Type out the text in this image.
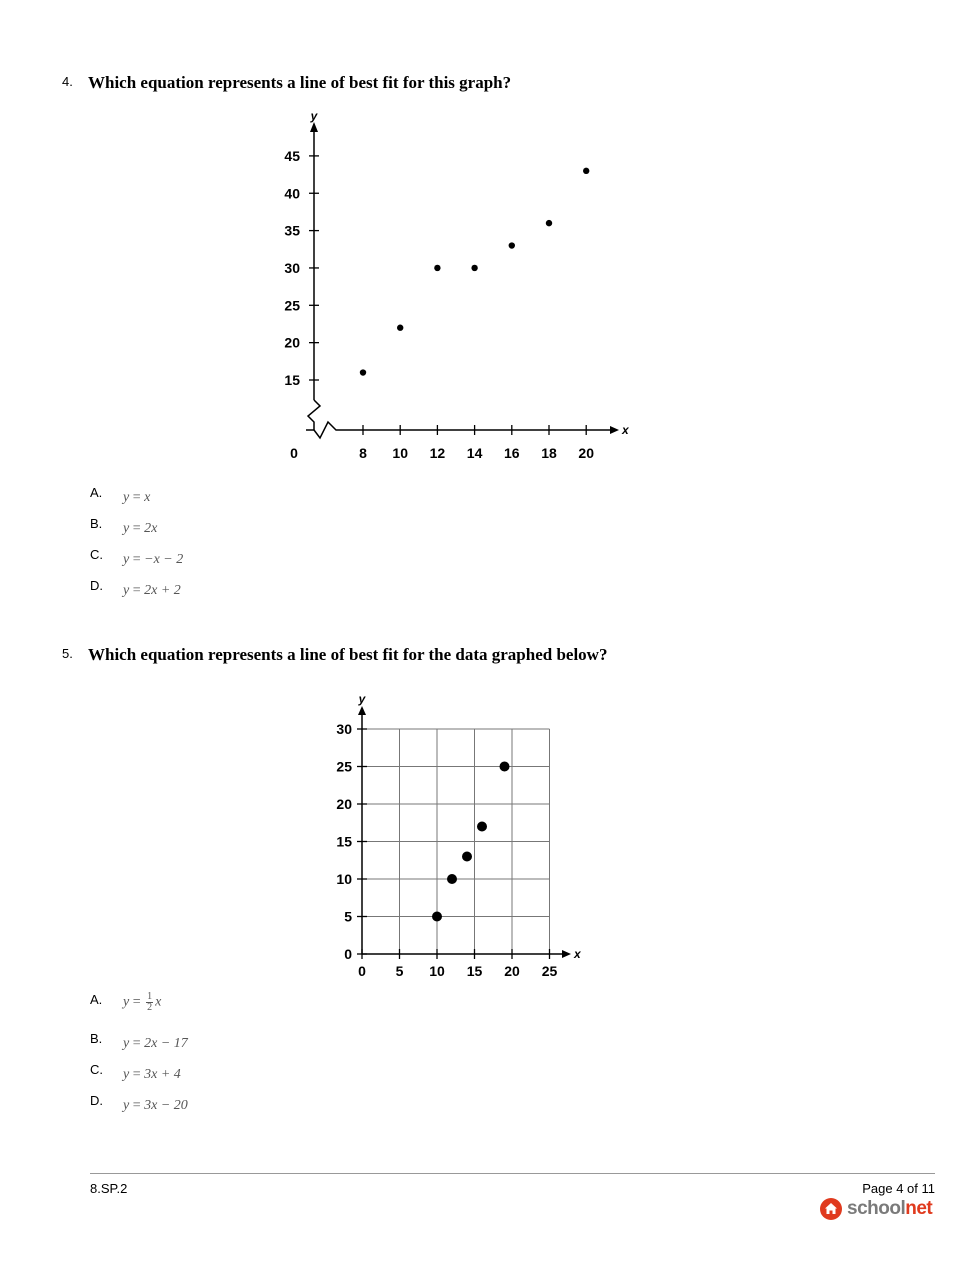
4. Which equation represents a line of best fit for this graph?
y
x
0
15
20
25
30
35
40
45
8 10 12 14 16 18 20
A. y = x
B. y = 2x
C. y = −x − 2
D. y = 2x + 2
5. Which equation represents a line of best fit for the data graphed below?
y
x
0
5
10
15
20
25
30
0 5 10 15 20 25
A. $y = \frac{1}{2}$ x
B. y = 2x − 17
C. y = 3x + 4
D. y = 3x − 20
8.SP.2	Page 4 of 11
schoolnet
